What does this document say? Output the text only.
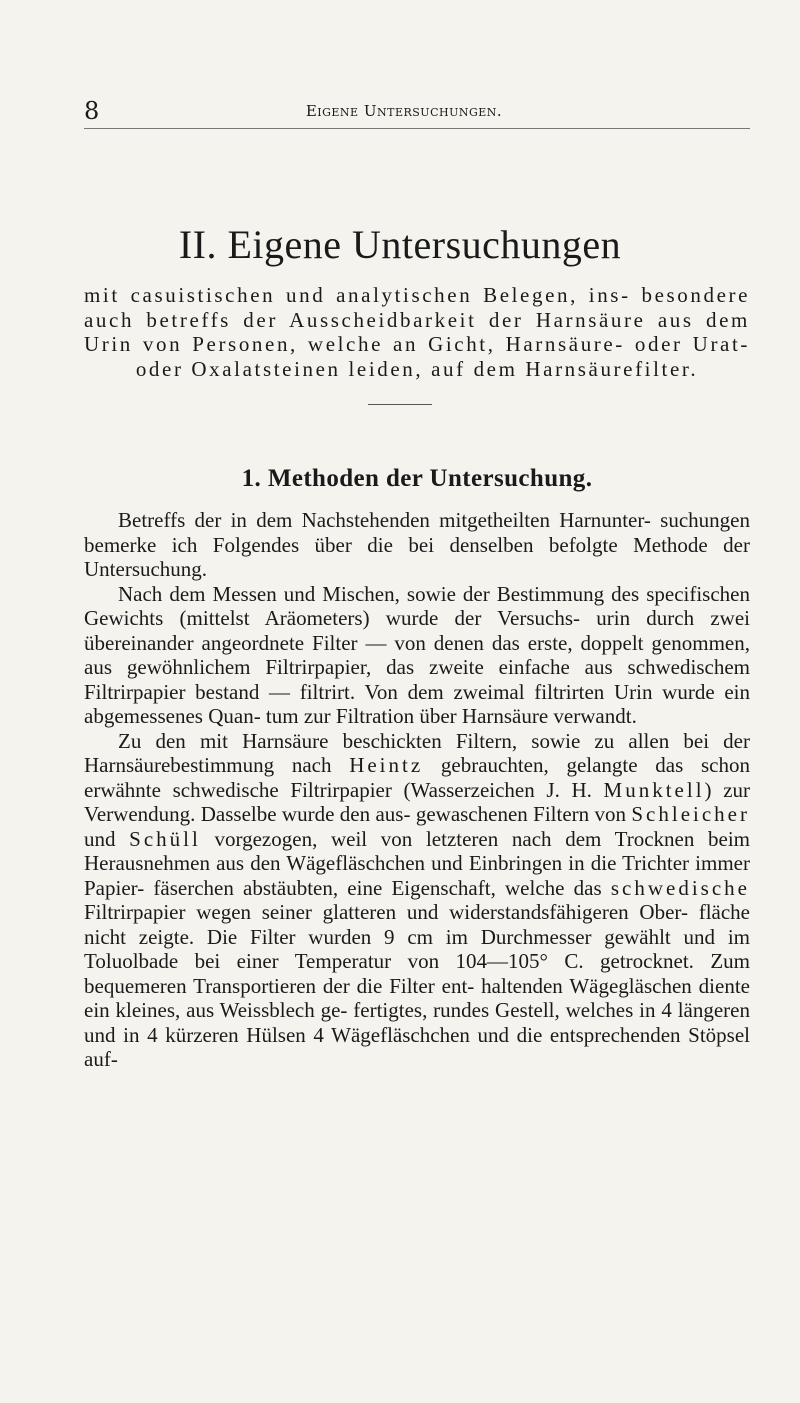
8	Eigene Untersuchungen.
II. Eigene Untersuchungen
mit casuistischen und analytischen Belegen, ins- besondere auch betreffs der Ausscheidbarkeit der Harnsäure aus dem Urin von Personen, welche an Gicht, Harnsäure- oder Urat- oder Oxalatsteinen leiden, auf dem Harnsäurefilter.
1. Methoden der Untersuchung.

Betreffs der in dem Nachstehenden mitgetheilten Harnunter- suchungen bemerke ich Folgendes über die bei denselben befolgte Methode der Untersuchung.

Nach dem Messen und Mischen, sowie der Bestimmung des specifischen Gewichts (mittelst Aräometers) wurde der Versuchs- urin durch zwei übereinander angeordnete Filter — von denen das erste, doppelt genommen, aus gewöhnlichem Filtrirpapier, das zweite einfache aus schwedischem Filtrirpapier bestand — filtrirt. Von dem zweimal filtrirten Urin wurde ein abgemessenes Quan- tum zur Filtration über Harnsäure verwandt.

Zu den mit Harnsäure beschickten Filtern, sowie zu allen bei der Harnsäurebestimmung nach Heintz gebrauchten, gelangte das schon erwähnte schwedische Filtrirpapier (Wasserzeichen J. H. Munktell) zur Verwendung. Dasselbe wurde den aus- gewaschenen Filtern von Schleicher und Schüll vorgezogen, weil von letzteren nach dem Trocknen beim Herausnehmen aus den Wägefläschchen und Einbringen in die Trichter immer Papier- fäserchen abstäubten, eine Eigenschaft, welche das schwedische Filtrirpapier wegen seiner glatteren und widerstandsfähigeren Ober- fläche nicht zeigte. Die Filter wurden 9 cm im Durchmesser gewählt und im Toluolbade bei einer Temperatur von 104—105° C. getrocknet. Zum bequemeren Transportieren der die Filter ent- haltenden Wägegläschen diente ein kleines, aus Weissblech ge- fertigtes, rundes Gestell, welches in 4 längeren und in 4 kürzeren Hülsen 4 Wägefläschchen und die entsprechenden Stöpsel auf-
